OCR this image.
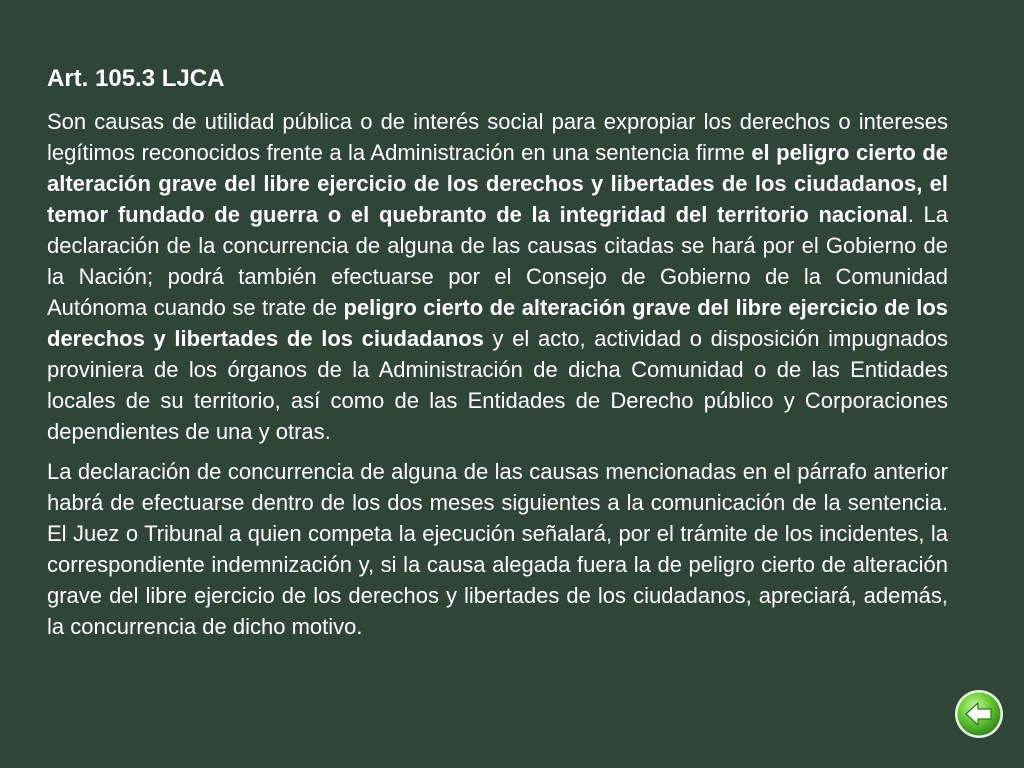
Art. 105.3 LJCA

Son causas de utilidad pública o de interés social para expropiar los derechos o intereses legítimos reconocidos frente a la Administración en una sentencia firme el peligro cierto de alteración grave del libre ejercicio de los derechos y libertades de los ciudadanos, el temor fundado de guerra o el quebranto de la integridad del territorio nacional. La declaración de la concurrencia de alguna de las causas citadas se hará por el Gobierno de la Nación; podrá también efectuarse por el Consejo de Gobierno de la Comunidad Autónoma cuando se trate de peligro cierto de alteración grave del libre ejercicio de los derechos y libertades de los ciudadanos y el acto, actividad o disposición impugnados proviniera de los órganos de la Administración de dicha Comunidad o de las Entidades locales de su territorio, así como de las Entidades de Derecho público y Corporaciones dependientes de una y otras.

La declaración de concurrencia de alguna de las causas mencionadas en el párrafo anterior habrá de efectuarse dentro de los dos meses siguientes a la comunicación de la sentencia. El Juez o Tribunal a quien competa la ejecución señalará, por el trámite de los incidentes, la correspondiente indemnización y, si la causa alegada fuera la de peligro cierto de alteración grave del libre ejercicio de los derechos y libertades de los ciudadanos, apreciará, además, la concurrencia de dicho motivo.
